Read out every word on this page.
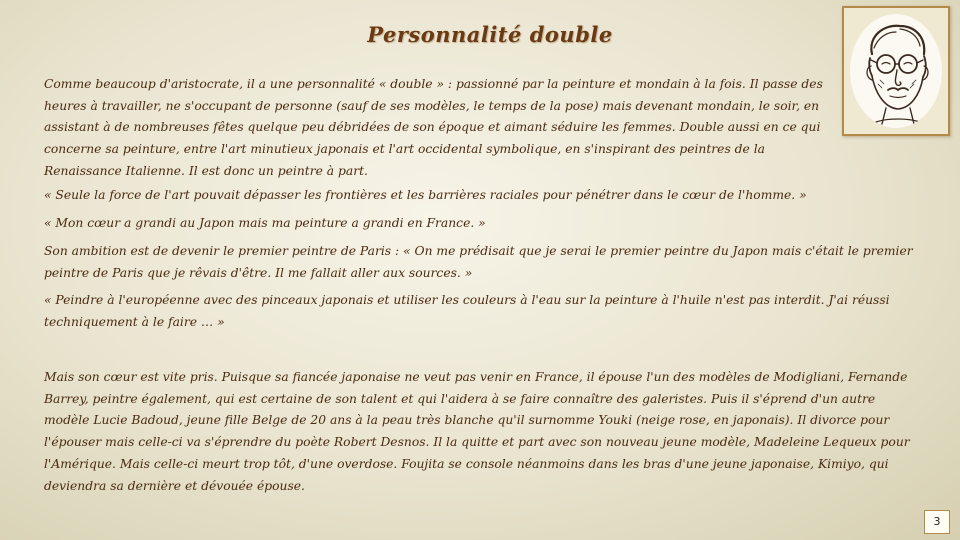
Personnalité double

Comme beaucoup d'aristocrate, il a une personnalité « double » : passionné par la peinture et mondain à la fois. Il passe des heures à travailler, ne s'occupant de personne (sauf de ses modèles, le temps de la pose) mais devenant mondain, le soir, en assistant à de nombreuses fêtes quelque peu débridées de son époque et aimant séduire les femmes. Double aussi en ce qui concerne sa peinture, entre l'art minutieux japonais et l'art occidental symbolique, en s'inspirant des peintres de la Renaissance Italienne. Il est donc un peintre à part.

« Seule la force de l'art pouvait dépasser les frontières et les barrières raciales pour pénétrer dans le cœur de l'homme. »

« Mon cœur a grandi au Japon mais ma peinture a grandi en France. »

Son ambition est de devenir le premier peintre de Paris : « On me prédisait que je serai le premier peintre du Japon mais c'était le premier peintre de Paris que je rêvais d'être. Il me fallait aller aux sources. »

« Peindre à l'européenne avec des pinceaux japonais et utiliser les couleurs à l'eau sur la peinture à l'huile n'est pas interdit. J'ai réussi techniquement à le faire … »

Mais son cœur est vite pris. Puisque sa fiancée japonaise ne veut pas venir en France, il épouse l'un des modèles de Modigliani, Fernande Barrey, peintre également, qui est certaine de son talent et qui l'aidera à se faire connaître des galeristes. Puis il s'éprend d'un autre modèle Lucie Badoud, jeune fille Belge de 20 ans à la peau très blanche qu'il surnomme Youki (neige rose, en japonais). Il divorce pour l'épouser mais celle-ci va s'éprendre du poète Robert Desnos. Il la quitte et part avec son nouveau jeune modèle, Madeleine Lequeux pour l'Amérique. Mais celle-ci meurt trop tôt, d'une overdose. Foujita se console néanmoins dans les bras d'une jeune japonaise, Kimiyo, qui deviendra sa dernière et dévouée épouse.

3
